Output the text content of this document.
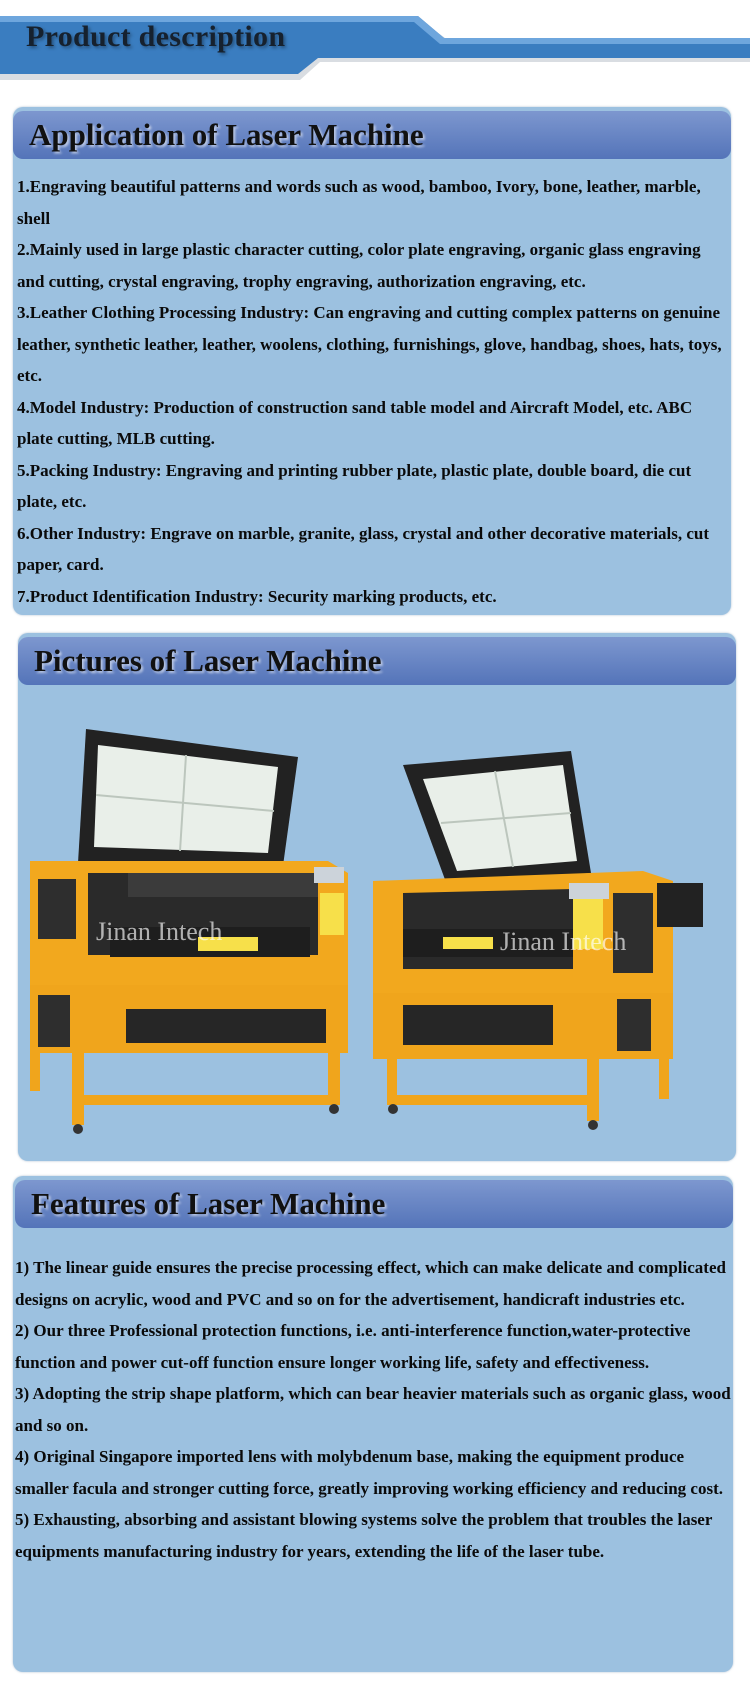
Product description
Application of Laser Machine
1.Engraving beautiful patterns and words such as wood, bamboo, Ivory, bone, leather, marble, shell
2.Mainly used in large plastic character cutting, color plate engraving, organic glass engraving and cutting, crystal engraving, trophy engraving, authorization engraving, etc.
3.Leather Clothing Processing Industry: Can engraving and cutting complex patterns on genuine leather, synthetic leather, leather, woolens, clothing, furnishings, glove, handbag, shoes, hats, toys, etc.
4.Model Industry: Production of construction sand table model and Aircraft Model, etc. ABC plate cutting, MLB cutting.
5.Packing Industry: Engraving and printing rubber plate, plastic plate, double board, die cut plate, etc.
6.Other Industry: Engrave on marble, granite, glass, crystal and other decorative materials, cut paper, card.
7.Product Identification Industry: Security marking products, etc.
Pictures of Laser Machine
Jinan Intech	Jinan Intech
Features of Laser Machine
1) The linear guide ensures the precise processing effect, which can make delicate and complicated designs on acrylic, wood and PVC and so on for the advertisement, handicraft industries etc.
2) Our three Professional protection functions, i.e. anti-interference function,water-protective function and power cut-off function ensure longer working life, safety and effectiveness.
3) Adopting the strip shape platform, which can bear heavier materials such as organic glass, wood and so on.
4) Original Singapore imported lens with molybdenum base, making the equipment produce smaller facula and stronger cutting force, greatly improving working efficiency and reducing cost.
5) Exhausting, absorbing and assistant blowing systems solve the problem that troubles the laser equipments manufacturing industry for years, extending the life of the laser tube.
